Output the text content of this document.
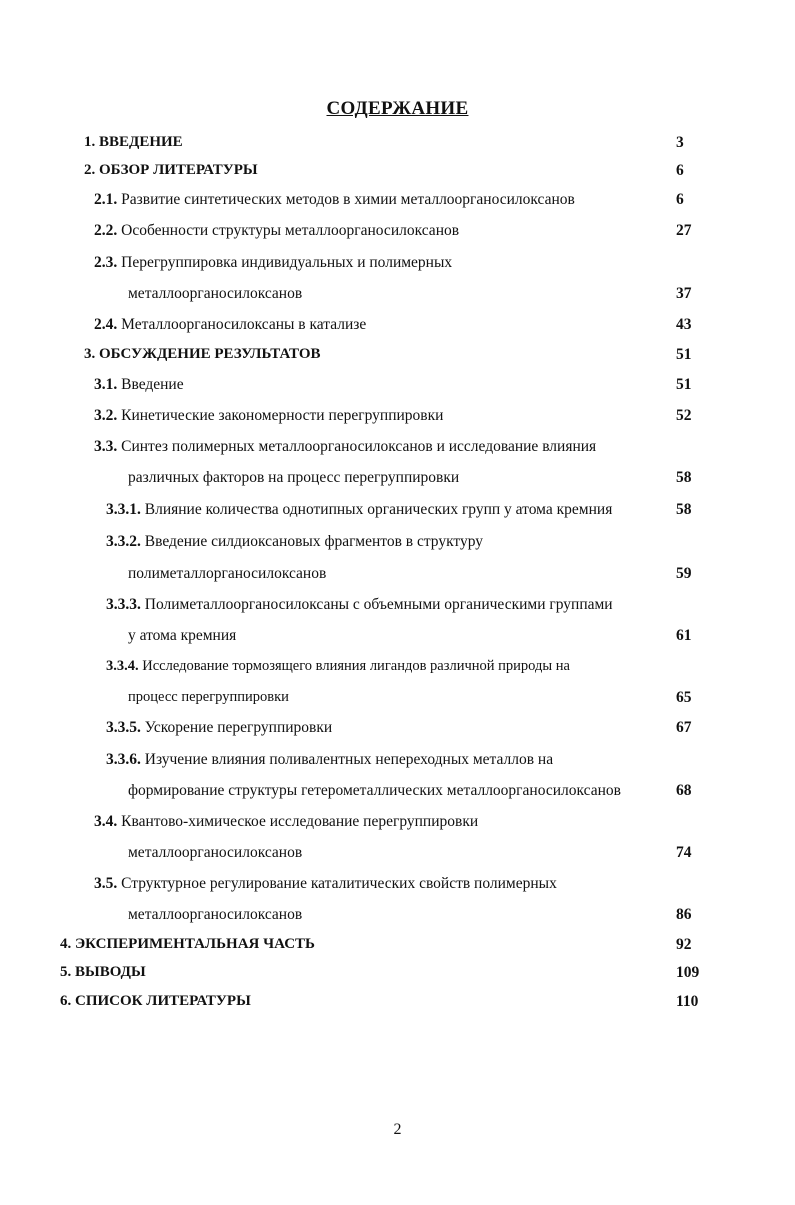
СОДЕРЖАНИЕ
1. ВВЕДЕНИЕ	3
2. ОБЗОР ЛИТЕРАТУРЫ	6
2.1. Развитие синтетических методов в химии металлоорганосилоксанов	6
2.2. Особенности структуры металлоорганосилоксанов	27
2.3. Перегруппировка индивидуальных и полимерных
металлоорганосилоксанов	37
2.4. Металлоорганосилоксаны в катализе	43
3. ОБСУЖДЕНИЕ РЕЗУЛЬТАТОВ	51
3.1. Введение	51
3.2. Кинетические закономерности перегруппировки	52
3.3. Синтез полимерных металлоорганосилоксанов и исследование влияния
различных факторов на процесс перегруппировки	58
3.3.1. Влияние количества однотипных органических групп у атома кремния	58
3.3.2. Введение силдиоксановых фрагментов в структуру
полиметаллорганосилоксанов	59
3.3.3. Полиметаллоорганосилоксаны с объемными органическими группами
у атома кремния	61
3.3.4. Исследование тормозящего влияния лигандов различной природы на
процесс перегруппировки	65
3.3.5. Ускорение перегруппировки	67
3.3.6. Изучение влияния поливалентных непереходных металлов на
формирование структуры гетерометаллических металлоорганосилоксанов	68
3.4. Квантово-химическое исследование перегруппировки
металлоорганосилоксанов	74
3.5. Структурное регулирование каталитических свойств полимерных
металлоорганосилоксанов	86
4. ЭКСПЕРИМЕНТАЛЬНАЯ ЧАСТЬ	92
5. ВЫВОДЫ	109
6. СПИСОК ЛИТЕРАТУРЫ	110
2
